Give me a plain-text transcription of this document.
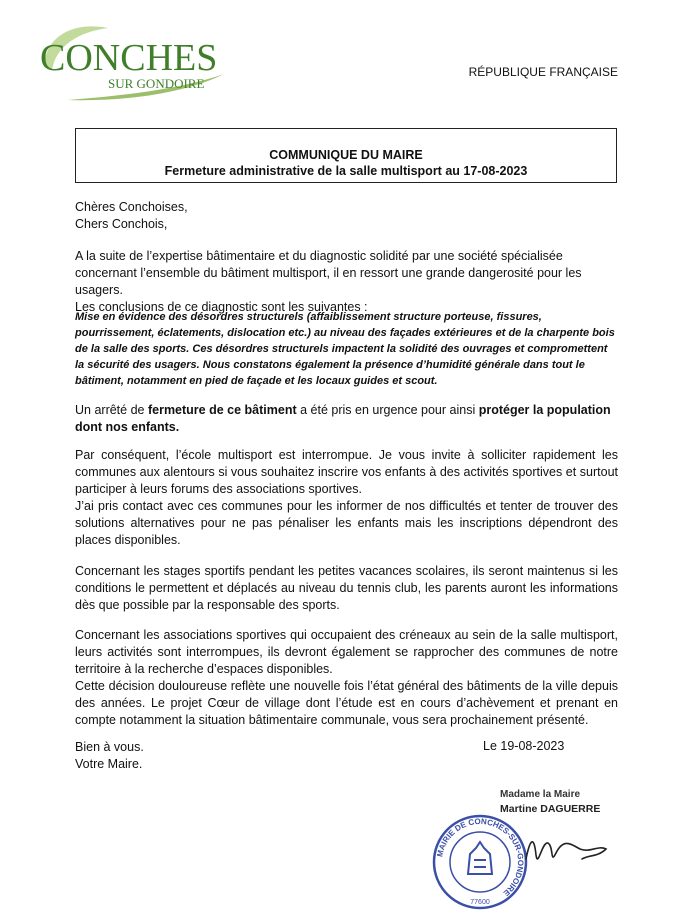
CONCHES
SUR GONDOIRE
RÉPUBLIQUE FRANÇAISE
COMMUNIQUE DU MAIRE
Fermeture administrative de la salle multisport au 17-08-2023

Chères Conchoises,

Chers Conchois,

A la suite de l’expertise bâtimentaire et du diagnostic solidité par une société spécialisée concernant l’ensemble du bâtiment multisport, il en ressort une grande dangerosité pour les usagers.

Les conclusions de ce diagnostic sont les suivantes :

Mise en évidence des désordres structurels (affaiblissement structure porteuse, fissures, pourrissement, éclatements, dislocation etc.) au niveau des façades extérieures et de la charpente bois de la salle des sports. Ces désordres structurels impactent la solidité des ouvrages et compromettent la sécurité des usagers. Nous constatons également la présence d’humidité générale dans tout le bâtiment, notamment en pied de façade et les locaux guides et scout.

Un arrêté de fermeture de ce bâtiment a été pris en urgence pour ainsi protéger la population dont nos enfants.

Par conséquent, l’école multisport est interrompue. Je vous invite à solliciter rapidement les communes aux alentours si vous souhaitez inscrire vos enfants à des activités sportives et surtout participer à leurs forums des associations sportives.

J’ai pris contact avec ces communes pour les informer de nos difficultés et tenter de trouver des solutions alternatives pour ne pas pénaliser les enfants mais les inscriptions dépendront des places disponibles.

Concernant les stages sportifs pendant les petites vacances scolaires, ils seront maintenus si les conditions le permettent et déplacés au niveau du tennis club, les parents auront les informations dès que possible par la responsable des sports.

Concernant les associations sportives qui occupaient des créneaux au sein de la salle multisport, leurs activités sont interrompues, ils devront également se rapprocher des communes de notre territoire à la recherche d’espaces disponibles.

Cette décision douloureuse reflète une nouvelle fois l’état général des bâtiments de la ville depuis des années. Le projet Cœur de village dont l’étude est en cours d’achèvement et prenant en compte notamment la situation bâtimentaire communale, vous sera prochainement présenté.

Bien à vous.

Votre Maire.

Le 19-08-2023
Madame la Maire
Martine DAGUERRE
MAIRIE DE CONCHES-SUR-GONDOIRE
77600
